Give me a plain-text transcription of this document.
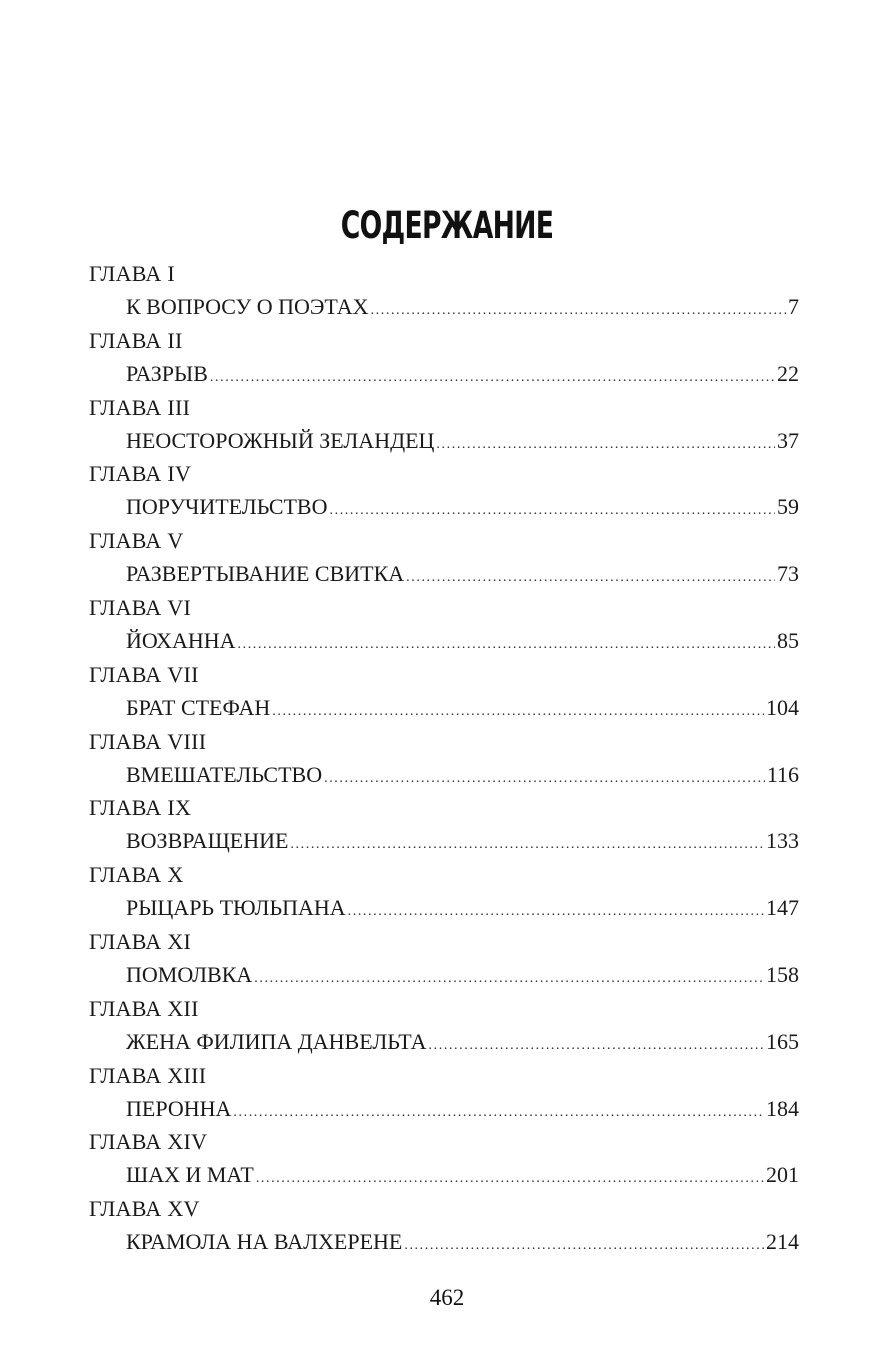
СОДЕРЖАНИЕ
ГЛАВА I
К ВОПРОСУ О ПОЭТАХ .....	7
ГЛАВА II
РАЗРЫВ .....	22
ГЛАВА III
НЕОСТОРОЖНЫЙ ЗЕЛАНДЕЦ .....	37
ГЛАВА IV
ПОРУЧИТЕЛЬСТВО .....	59
ГЛАВА V
РАЗВЕРТЫВАНИЕ СВИТКА .....	73
ГЛАВА VI
ЙОХАННА .....	85
ГЛАВА VII
БРАТ СТЕФАН .....	104
ГЛАВА VIII
ВМЕШАТЕЛЬСТВО .....	116
ГЛАВА IX
ВОЗВРАЩЕНИЕ .....	133
ГЛАВА X
РЫЦАРЬ ТЮЛЬПАНА .....	147
ГЛАВА XI
ПОМОЛВКА .....	158
ГЛАВА XII
ЖЕНА ФИЛИПА ДАНВЕЛЬТА .....	165
ГЛАВА XIII
ПЕРОННА .....	184
ГЛАВА XIV
ШАХ И МАТ .....	201
ГЛАВА XV
КРАМОЛА НА ВАЛХЕРЕНЕ .....	214
462
